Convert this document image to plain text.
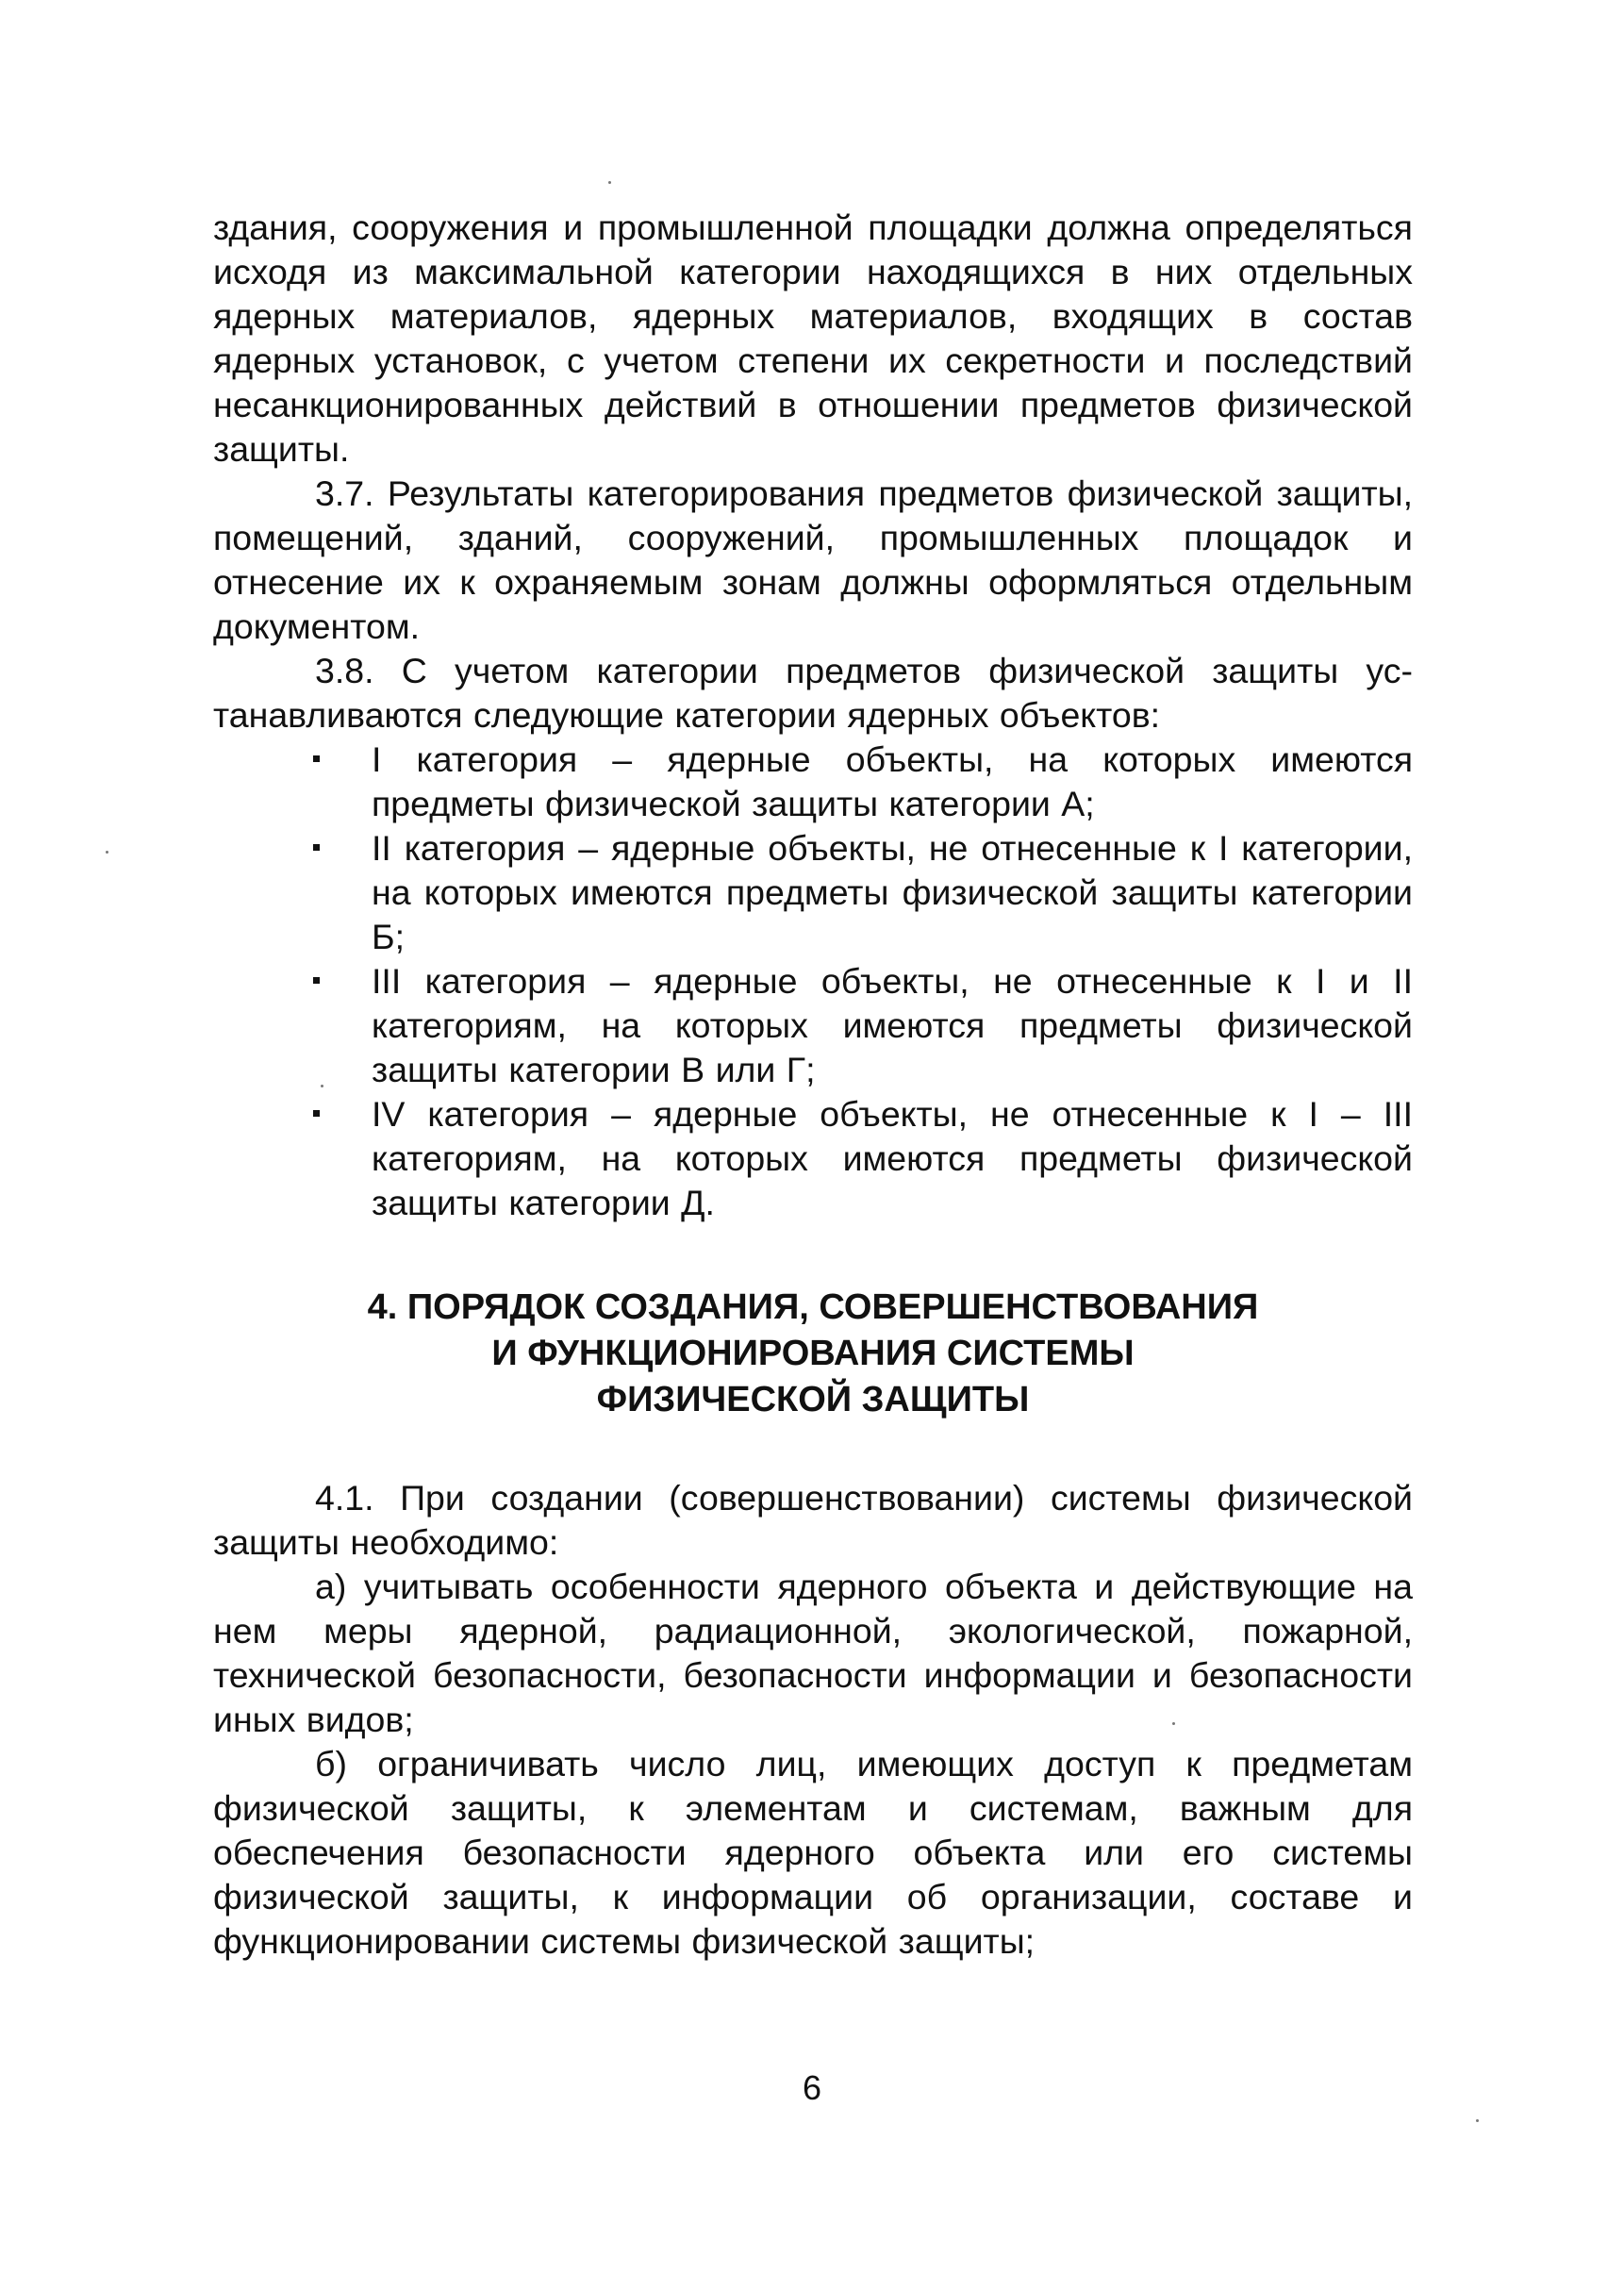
здания, сооружения и промышленной площадки должна определяться исходя из максимальной категории находящихся в них отдельных ядерных материалов, ядерных материалов, входящих в состав ядерных установок, с учетом степени их секретности и последствий несанкционированных действий в отношении предметов физической защиты.

3.7. Результаты категорирования предметов физической защиты, помещений, зданий, сооружений, промышленных площадок и отнесение их к охраняемым зонам должны оформляться отдельным документом.

3.8. С учетом категории предметов физической защиты устанавливаются следующие категории ядерных объектов:

I категория – ядерные объекты, на которых имеются предметы физической защиты категории А;
II категория – ядерные объекты, не отнесенные к I категории, на которых имеются предметы физической защиты категории Б;
III категория – ядерные объекты, не отнесенные к I и II категориям, на которых имеются предметы физической защиты категории В или Г;
IV категория – ядерные объекты, не отнесенные к I – III категориям, на которых имеются предметы физической защиты категории Д.
4. ПОРЯДОК СОЗДАНИЯ, СОВЕРШЕНСТВОВАНИЯ
И ФУНКЦИОНИРОВАНИЯ СИСТЕМЫ
ФИЗИЧЕСКОЙ ЗАЩИТЫ

4.1. При создании (совершенствовании) системы физической защиты необходимо:

а) учитывать особенности ядерного объекта и действующие на нем меры ядерной, радиационной, экологической, пожарной, технической безопасности, безопасности информации и безопасности иных видов;

б) ограничивать число лиц, имеющих доступ к предметам физической защиты, к элементам и системам, важным для обеспечения безопасности ядерного объекта или его системы физической защиты, к информации об организации, составе и функционировании системы физической защиты;

6
